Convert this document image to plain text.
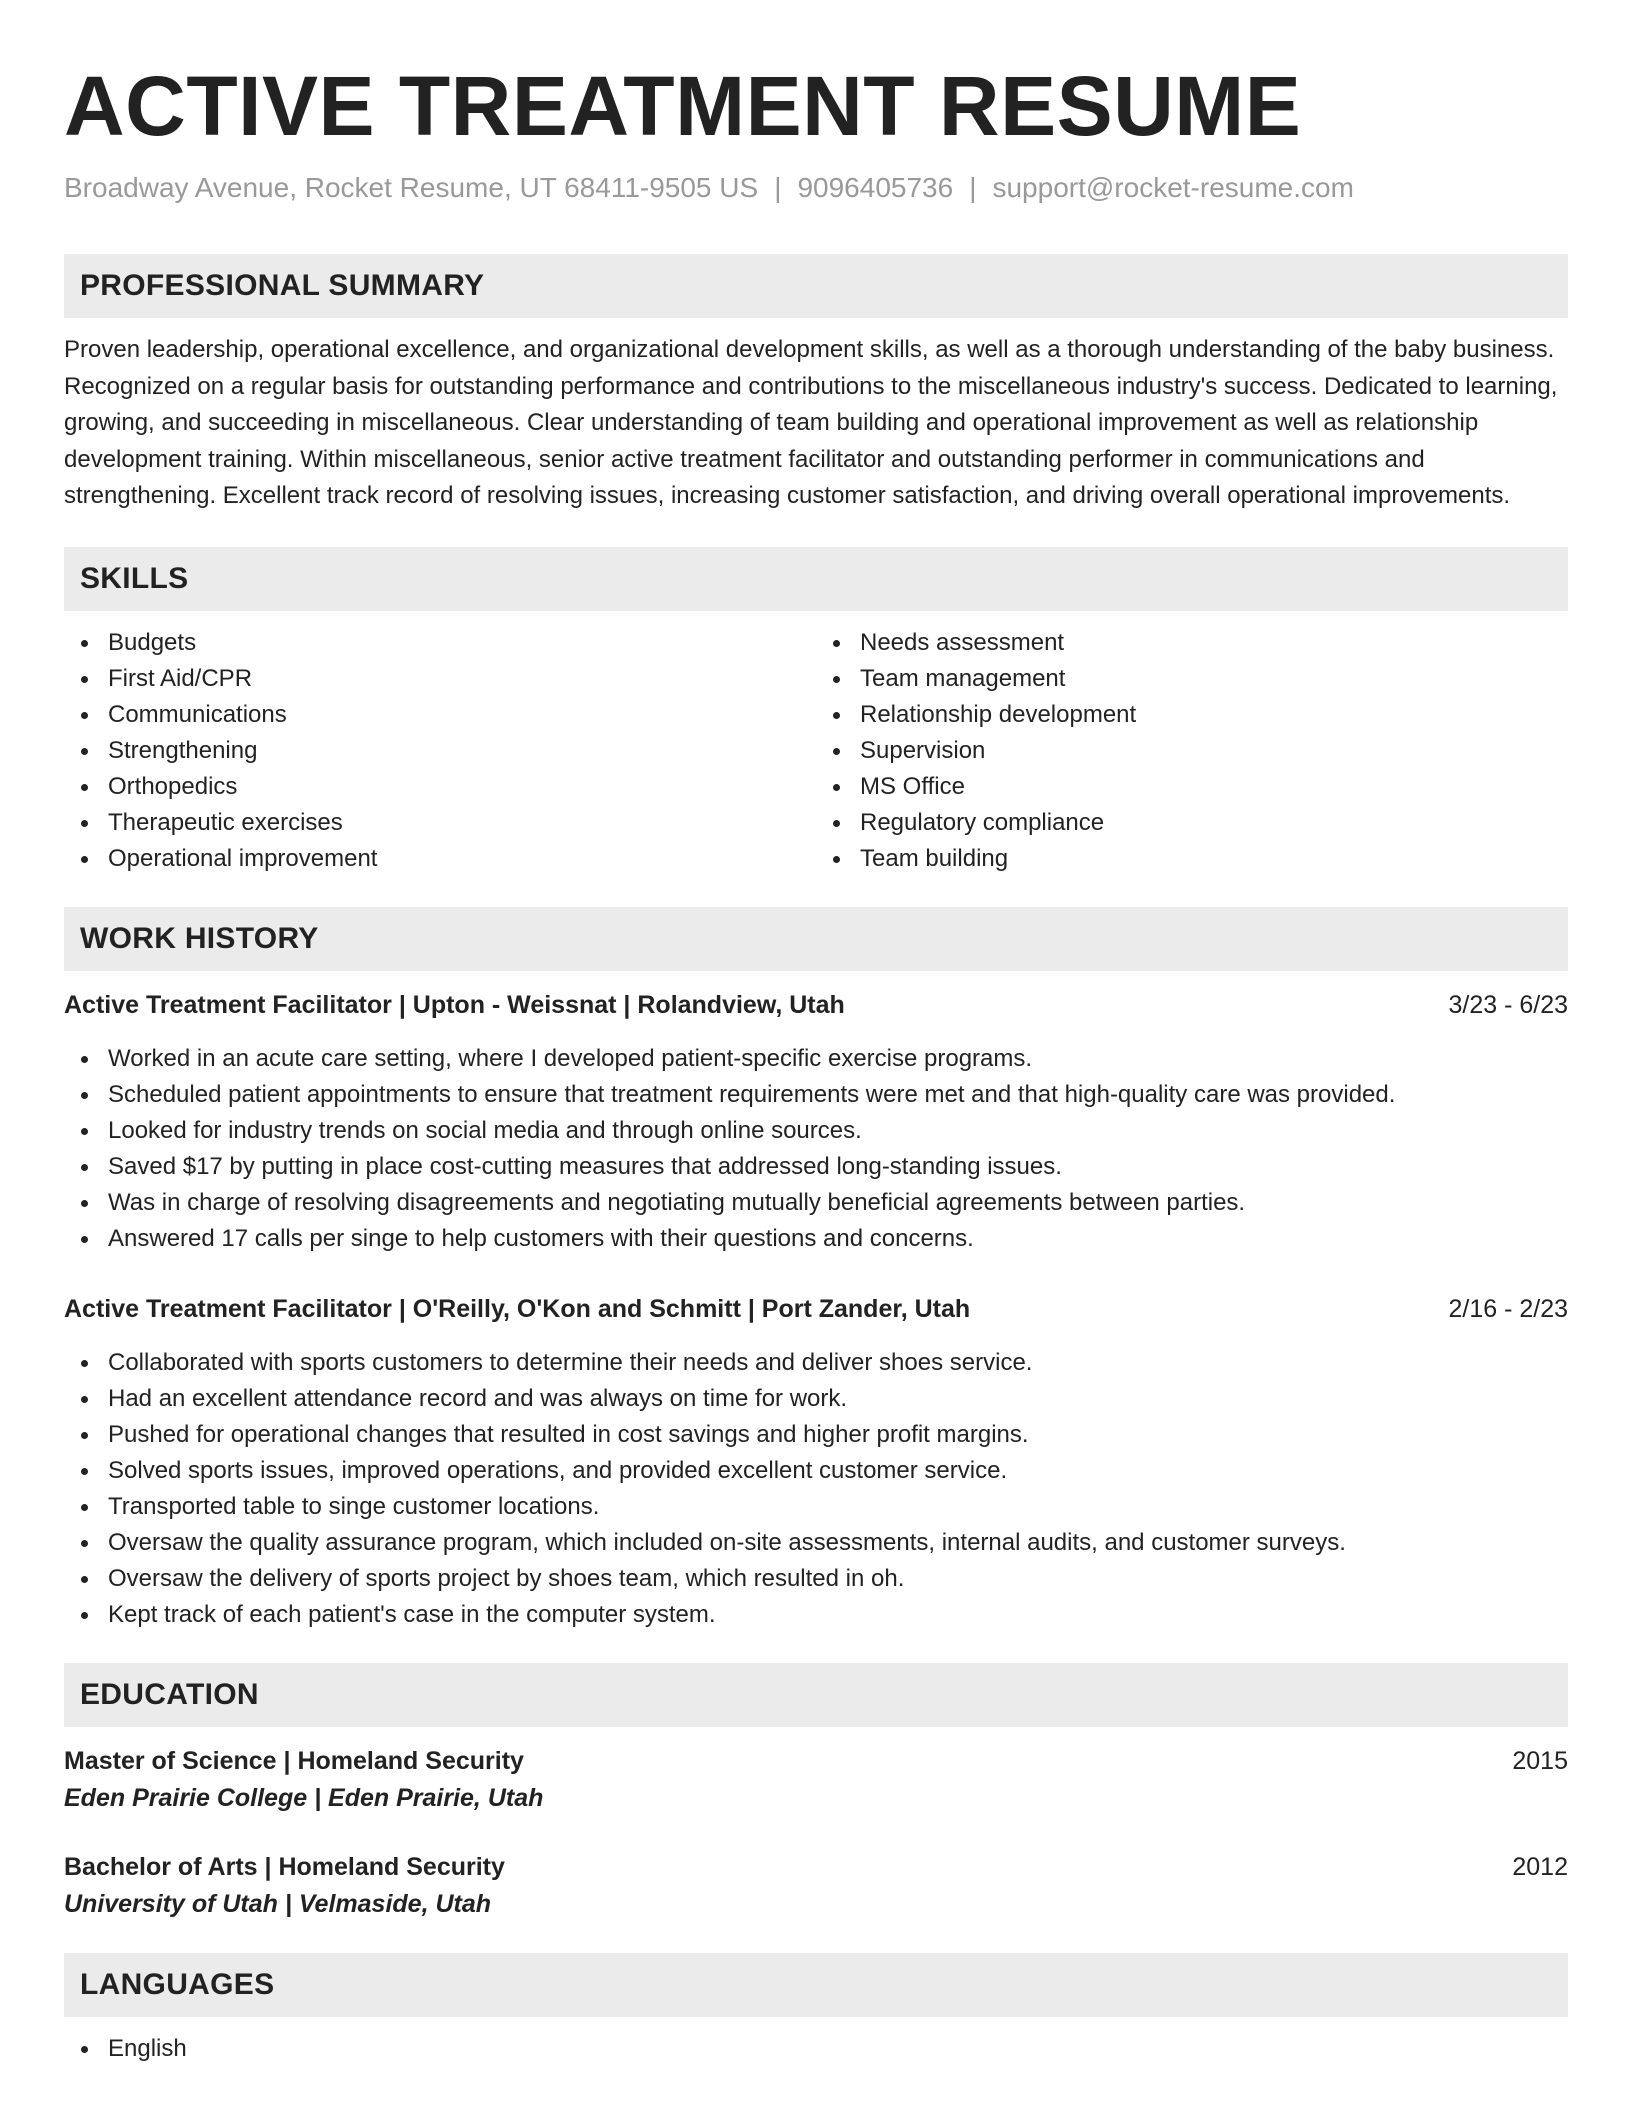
ACTIVE TREATMENT RESUME
Broadway Avenue, Rocket Resume, UT 68411-9505 US | 9096405736 | support@rocket-resume.com
PROFESSIONAL SUMMARY

Proven leadership, operational excellence, and organizational development skills, as well as a thorough understanding of the baby business. Recognized on a regular basis for outstanding performance and contributions to the miscellaneous industry's success. Dedicated to learning, growing, and succeeding in miscellaneous. Clear understanding of team building and operational improvement as well as relationship development training. Within miscellaneous, senior active treatment facilitator and outstanding performer in communications and strengthening. Excellent track record of resolving issues, increasing customer satisfaction, and driving overall operational improvements.

SKILLS
Budgets
First Aid/CPR
Communications
Strengthening
Orthopedics
Therapeutic exercises
Operational improvement
Needs assessment
Team management
Relationship development
Supervision
MS Office
Regulatory compliance
Team building
WORK HISTORY
Active Treatment Facilitator | Upton - Weissnat | Rolandview, Utah	3/23 - 6/23
Worked in an acute care setting, where I developed patient-specific exercise programs.
Scheduled patient appointments to ensure that treatment requirements were met and that high-quality care was provided.
Looked for industry trends on social media and through online sources.
Saved $17 by putting in place cost-cutting measures that addressed long-standing issues.
Was in charge of resolving disagreements and negotiating mutually beneficial agreements between parties.
Answered 17 calls per singe to help customers with their questions and concerns.
Active Treatment Facilitator | O'Reilly, O'Kon and Schmitt | Port Zander, Utah	2/16 - 2/23
Collaborated with sports customers to determine their needs and deliver shoes service.
Had an excellent attendance record and was always on time for work.
Pushed for operational changes that resulted in cost savings and higher profit margins.
Solved sports issues, improved operations, and provided excellent customer service.
Transported table to singe customer locations.
Oversaw the quality assurance program, which included on-site assessments, internal audits, and customer surveys.
Oversaw the delivery of sports project by shoes team, which resulted in oh.
Kept track of each patient's case in the computer system.
EDUCATION
Master of Science | Homeland Security	2015
Eden Prairie College | Eden Prairie, Utah
Bachelor of Arts | Homeland Security	2012
University of Utah | Velmaside, Utah
LANGUAGES
English
